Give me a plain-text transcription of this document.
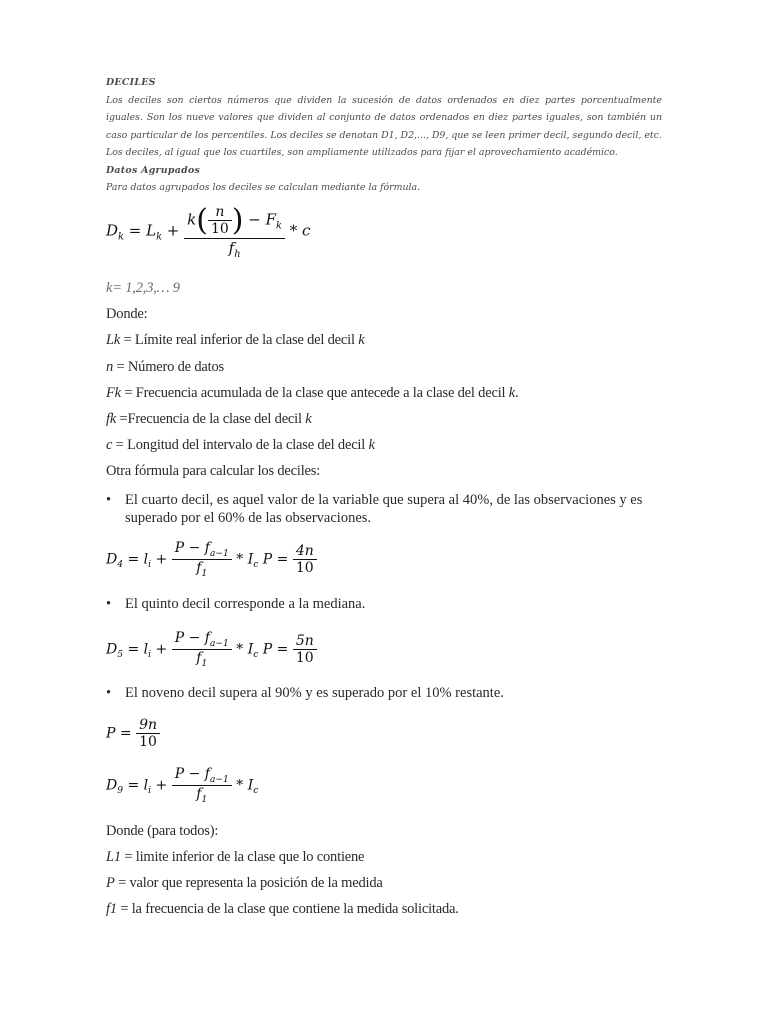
DECILES

Los deciles son ciertos números que dividen la sucesión de datos ordenados en diez partes porcentualmente iguales. Son los nueve valores que dividen al conjunto de datos ordenados en diez partes iguales, son también un caso particular de los percentiles. Los deciles se denotan D1, D2,..., D9, que se leen primer decil, segundo decil, etc.

Los deciles, al igual que los cuartiles, son ampliamente utilizados para fijar el aprovechamiento académico.

Datos Agrupados

Para datos agrupados los deciles se calculan mediante la fórmula.

$D_k = L_k + \frac{k( \frac{n}{10} ) - F_k}{f_h} * c$
k= 1,2,3,… 9
Donde:
Lk = Límite real inferior de la clase del decil k
n = Número de datos
Fk = Frecuencia acumulada de la clase que antecede a la clase del decil k.
fk =Frecuencia de la clase del decil k
c = Longitud del intervalo de la clase del decil k
Otra fórmula para calcular los deciles:
• El cuarto decil, es aquel valor de la variable que supera al 40%, de las observaciones y es superado por el 60% de las observaciones.
$D_4 = l_i + \frac{P - f_{a-1}}{f_1} * I_c$ $P = \frac{4n}{10}$
• El quinto decil corresponde a la mediana.
$D_5 = l_i + \frac{P - f_{a-1}}{f_1} * I_c$ $P = \frac{5n}{10}$
• El noveno decil supera al 90% y es superado por el 10% restante.
$P = \frac{9n}{10}$
$D_9 = l_i + \frac{P - f_{a-1}}{f_1} * I_c$
Donde (para todos):
L1 = limite inferior de la clase que lo contiene
P = valor que representa la posición de la medida
f1 = la frecuencia de la clase que contiene la medida solicitada.
